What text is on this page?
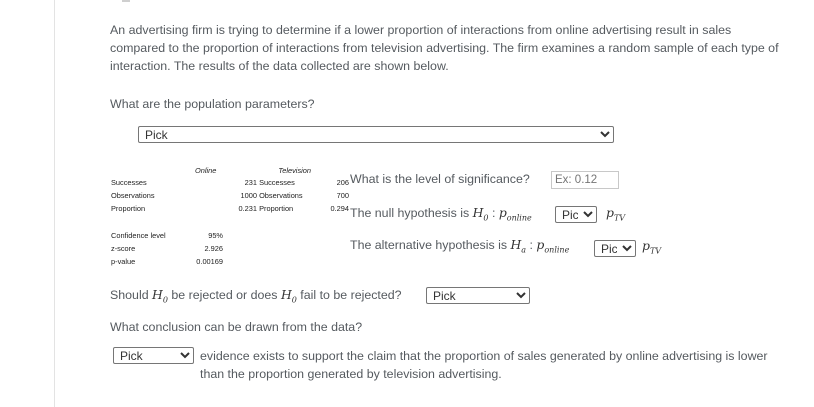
An advertising firm is trying to determine if a lower proportion of interactions from online advertising result in sales compared to the proportion of interactions from television advertising. The firm examines a random sample of each type of interaction. The results of the data collected are shown below.
What are the population parameters?
Pick
	Online	Television	
Successes		231 Successes	206
Observations		1000 Observations	700
Proportion		0.231 Proportion	0.294
Confidence level	95%
z-score	2.926
p-value	0.00169
What is the level of significance?
Ex: 0.12
The null hypothesis is $H_0$ : $p_{online}$
Pick	$p_{TV}$
The alternative hypothesis is $H_a$ : $p_{online}$
Pick	$p_{TV}$
Should $H_0$ be rejected or does $H_0$ fail to be rejected?
Pick
What conclusion can be drawn from the data?
Pick
evidence exists to support the claim that the proportion of sales generated by online advertising is lower than the proportion generated by television advertising.
